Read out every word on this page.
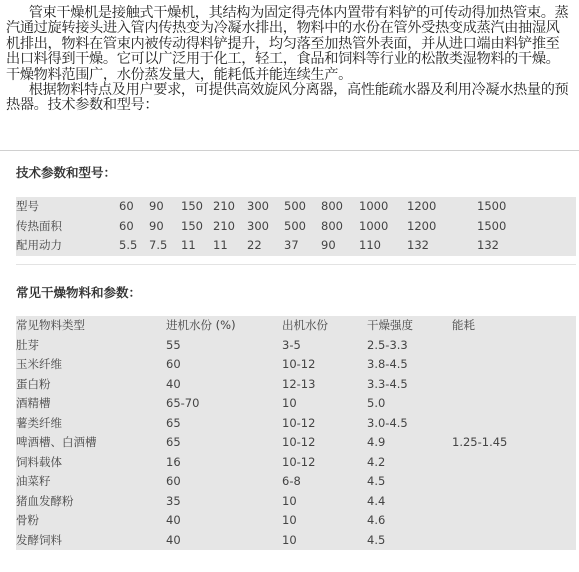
管束干燥机是接触式干燥机，其结构为固定得壳体内置带有料铲的可传动得加热管束。蒸汽通过旋转接头进入管内传热变为冷凝水排出，物料中的水份在管外受热变成蒸汽由抽湿风机排出，物料在管束内被传动得料铲提升，均匀落至加热管外表面，并从进口端由料铲推至出口料得到干燥。它可以广泛用于化工，轻工，食品和饲料等行业的松散类湿物料的干燥。干燥物料范围广，水份蒸发量大，能耗低并能连续生产。

根据物料特点及用户要求，可提供高效旋风分离器，高性能疏水器及利用冷凝水热量的预热器。技术参数和型号：

技术参数和型号：
型号	60 90 150 210 300 500 800 1000 1200	1500
传热面积	60 90 150 210 300 500 800 1000 1200	1500
配用动力	5.5 7.5 11 11 22 37 90 110 132	132
常见干燥物料和参数：
常见物料类型	进机水份 (%)	出机水份	干燥强度	能耗
肚芽	55	3-5	2.5-3.3
玉米纤维	60	10-12	3.8-4.5
蛋白粉	40	12-13	3.3-4.5
酒精槽	65-70	10	5.0
薯类纤维	65	10-12	3.0-4.5
啤酒槽、白酒槽	65	10-12	4.9	1.25-1.45
饲料载体	16	10-12	4.2
油菜籽	60	6-8	4.5
猪血发酵粉	35	10	4.4
骨粉	40	10	4.6
发酵饲料	40	10	4.5
